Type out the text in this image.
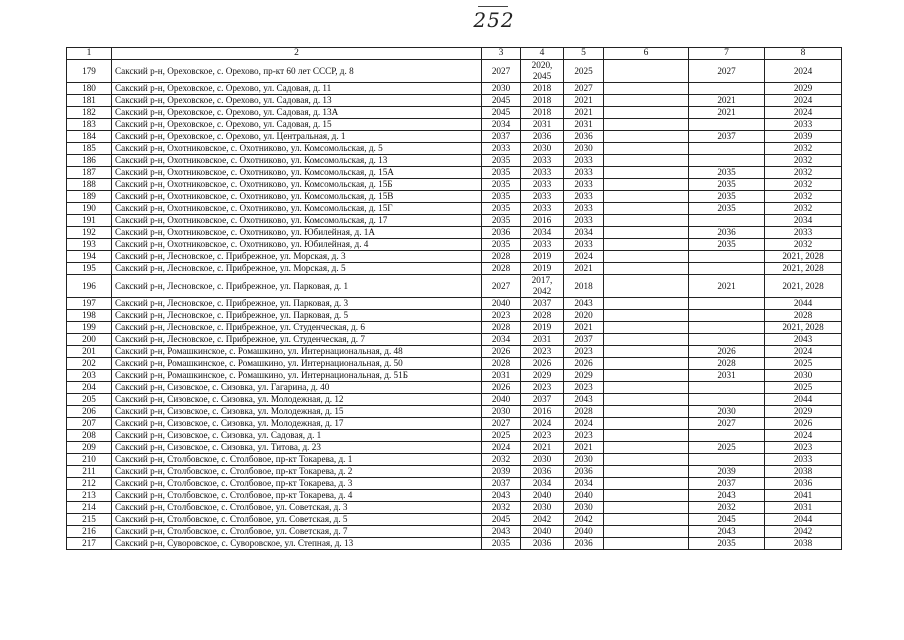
252
1	2	3	4	5	6	7	8
179	Сакский р-н, Ореховское, с. Орехово, пр-кт 60 лет СССР, д. 8	2027	2020, 2045	2025		2027	2024
180	Сакский р-н, Ореховское, с. Орехово, ул. Садовая, д. 11	2030	2018	2027			2029
181	Сакский р-н, Ореховское, с. Орехово, ул. Садовая, д. 13	2045	2018	2021		2021	2024
182	Сакский р-н, Ореховское, с. Орехово, ул. Садовая, д. 13А	2045	2018	2021		2021	2024
183	Сакский р-н, Ореховское, с. Орехово, ул. Садовая, д. 15	2034	2031	2031			2033
184	Сакский р-н, Ореховское, с. Орехово, ул. Центральная, д. 1	2037	2036	2036		2037	2039
185	Сакский р-н, Охотниковское, с. Охотниково, ул. Комсомольская, д. 5	2033	2030	2030			2032
186	Сакский р-н, Охотниковское, с. Охотниково, ул. Комсомольская, д. 13	2035	2033	2033			2032
187	Сакский р-н, Охотниковское, с. Охотниково, ул. Комсомольская, д. 15А	2035	2033	2033		2035	2032
188	Сакский р-н, Охотниковское, с. Охотниково, ул. Комсомольская, д. 15Б	2035	2033	2033		2035	2032
189	Сакский р-н, Охотниковское, с. Охотниково, ул. Комсомольская, д. 15В	2035	2033	2033		2035	2032
190	Сакский р-н, Охотниковское, с. Охотниково, ул. Комсомольская, д. 15Г	2035	2033	2033		2035	2032
191	Сакский р-н, Охотниковское, с. Охотниково, ул. Комсомольская, д. 17	2035	2016	2033			2034
192	Сакский р-н, Охотниковское, с. Охотниково, ул. Юбилейная, д. 1А	2036	2034	2034		2036	2033
193	Сакский р-н, Охотниковское, с. Охотниково, ул. Юбилейная, д. 4	2035	2033	2033		2035	2032
194	Сакский р-н, Лесновское, с. Прибрежное, ул. Морская, д. 3	2028	2019	2024			2021, 2028
195	Сакский р-н, Лесновское, с. Прибрежное, ул. Морская, д. 5	2028	2019	2021			2021, 2028
196	Сакский р-н, Лесновское, с. Прибрежное, ул. Парковая, д. 1	2027	2017, 2042	2018		2021	2021, 2028
197	Сакский р-н, Лесновское, с. Прибрежное, ул. Парковая, д. 3	2040	2037	2043			2044
198	Сакский р-н, Лесновское, с. Прибрежное, ул. Парковая, д. 5	2023	2028	2020			2028
199	Сакский р-н, Лесновское, с. Прибрежное, ул. Студенческая, д. 6	2028	2019	2021			2021, 2028
200	Сакский р-н, Лесновское, с. Прибрежное, ул. Студенческая, д. 7	2034	2031	2037			2043
201	Сакский р-н, Ромашкинское, с. Ромашкино, ул. Интернациональная, д. 48	2026	2023	2023		2026	2024
202	Сакский р-н, Ромашкинское, с. Ромашкино, ул. Интернациональная, д. 50	2028	2026	2026		2028	2025
203	Сакский р-н, Ромашкинское, с. Ромашкино, ул. Интернациональная, д. 51Б	2031	2029	2029		2031	2030
204	Сакский р-н, Сизовское, с. Сизовка, ул. Гагарина, д. 40	2026	2023	2023			2025
205	Сакский р-н, Сизовское, с. Сизовка, ул. Молодежная, д. 12	2040	2037	2043			2044
206	Сакский р-н, Сизовское, с. Сизовка, ул. Молодежная, д. 15	2030	2016	2028		2030	2029
207	Сакский р-н, Сизовское, с. Сизовка, ул. Молодежная, д. 17	2027	2024	2024		2027	2026
208	Сакский р-н, Сизовское, с. Сизовка, ул. Садовая, д. 1	2025	2023	2023			2024
209	Сакский р-н, Сизовское, с. Сизовка, ул. Титова, д. 23	2024	2021	2021		2025	2023
210	Сакский р-н, Столбовское, с. Столбовое, пр-кт Токарева, д. 1	2032	2030	2030			2033
211	Сакский р-н, Столбовское, с. Столбовое, пр-кт Токарева, д. 2	2039	2036	2036		2039	2038
212	Сакский р-н, Столбовское, с. Столбовое, пр-кт Токарева, д. 3	2037	2034	2034		2037	2036
213	Сакский р-н, Столбовское, с. Столбовое, пр-кт Токарева, д. 4	2043	2040	2040		2043	2041
214	Сакский р-н, Столбовское, с. Столбовое, ул. Советская, д. 3	2032	2030	2030		2032	2031
215	Сакский р-н, Столбовское, с. Столбовое, ул. Советская, д. 5	2045	2042	2042		2045	2044
216	Сакский р-н, Столбовское, с. Столбовое, ул. Советская, д. 7	2043	2040	2040		2043	2042
217	Сакский р-н, Суворовское, с. Суворовское, ул. Степная, д. 13	2035	2036	2036		2035	2038
